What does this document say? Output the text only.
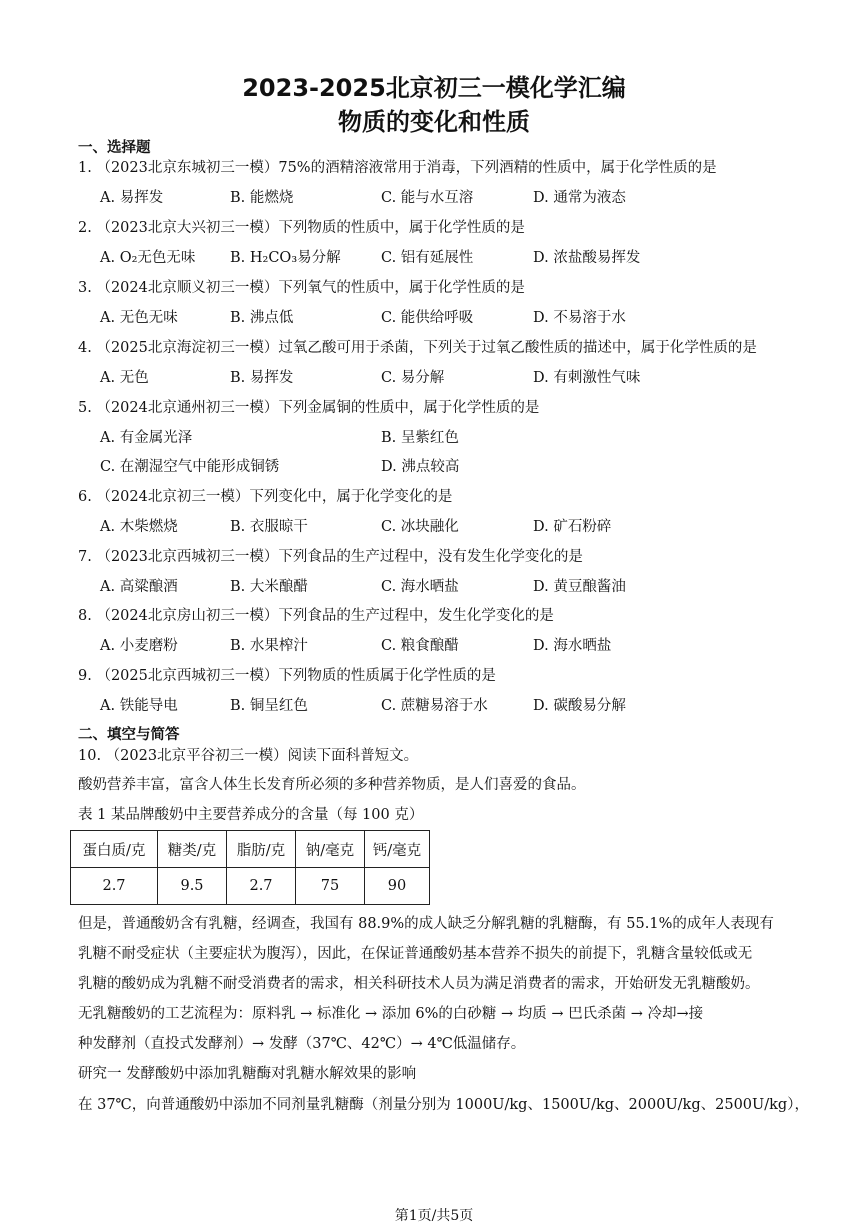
2023-2025北京初三一模化学汇编
物质的变化和性质
一、选择题
1. （2023北京东城初三一模）75%的酒精溶液常用于消毒，下列酒精的性质中，属于化学性质的是
A. 易挥发	B. 能燃烧	C. 能与水互溶	D. 通常为液态
2. （2023北京大兴初三一模）下列物质的性质中，属于化学性质的是
A. O₂无色无味 B. H₂CO₃易分解	C. 铝有延展性	D. 浓盐酸易挥发
3. （2024北京顺义初三一模）下列氧气的性质中，属于化学性质的是
A. 无色无味	B. 沸点低	C. 能供给呼吸	D. 不易溶于水
4. （2025北京海淀初三一模）过氧乙酸可用于杀菌，下列关于过氧乙酸性质的描述中，属于化学性质的是
A. 无色	B. 易挥发	C. 易分解	D. 有刺激性气味
5. （2024北京通州初三一模）下列金属铜的性质中，属于化学性质的是
A. 有金属光泽	B. 呈紫红色
C. 在潮湿空气中能形成铜锈	D. 沸点较高
6. （2024北京初三一模）下列变化中，属于化学变化的是
A. 木柴燃烧	B. 衣服晾干	C. 冰块融化	D. 矿石粉碎
7. （2023北京西城初三一模）下列食品的生产过程中，没有发生化学变化的是
A. 高粱酿酒	B. 大米酿醋	C. 海水晒盐	D. 黄豆酿酱油
8. （2024北京房山初三一模）下列食品的生产过程中，发生化学变化的是
A. 小麦磨粉	B. 水果榨汁	C. 粮食酿醋	D. 海水晒盐
9. （2025北京西城初三一模）下列物质的性质属于化学性质的是
A. 铁能导电	B. 铜呈红色	C. 蔗糖易溶于水	D. 碳酸易分解
二、填空与简答
10. （2023北京平谷初三一模）阅读下面科普短文。
酸奶营养丰富，富含人体生长发育所必须的多种营养物质，是人们喜爱的食品。
表 1 某品牌酸奶中主要营养成分的含量（每 100 克）
蛋白质/克	糖类/克	脂肪/克	钠/毫克	钙/毫克
2.7	9.5	2.7	75	90
但是，普通酸奶含有乳糖，经调查，我国有 88.9%的成人缺乏分解乳糖的乳糖酶，有 55.1%的成年人表现有
乳糖不耐受症状（主要症状为腹泻），因此，在保证普通酸奶基本营养不损失的前提下，乳糖含量较低或无
乳糖的酸奶成为乳糖不耐受消费者的需求，相关科研技术人员为满足消费者的需求，开始研发无乳糖酸奶。
无乳糖酸奶的工艺流程为：原料乳 → 标准化 → 添加 6%的白砂糖 → 均质 → 巴氏杀菌 → 冷却→接
种发酵剂（直投式发酵剂）→ 发酵（37℃、42℃）→ 4℃低温储存。
研究一 发酵酸奶中添加乳糖酶对乳糖水解效果的影响
在 37℃，向普通酸奶中添加不同剂量乳糖酶（剂量分别为 1000U/kg、1500U/kg、2000U/kg、2500U/kg），
第1页/共5页
